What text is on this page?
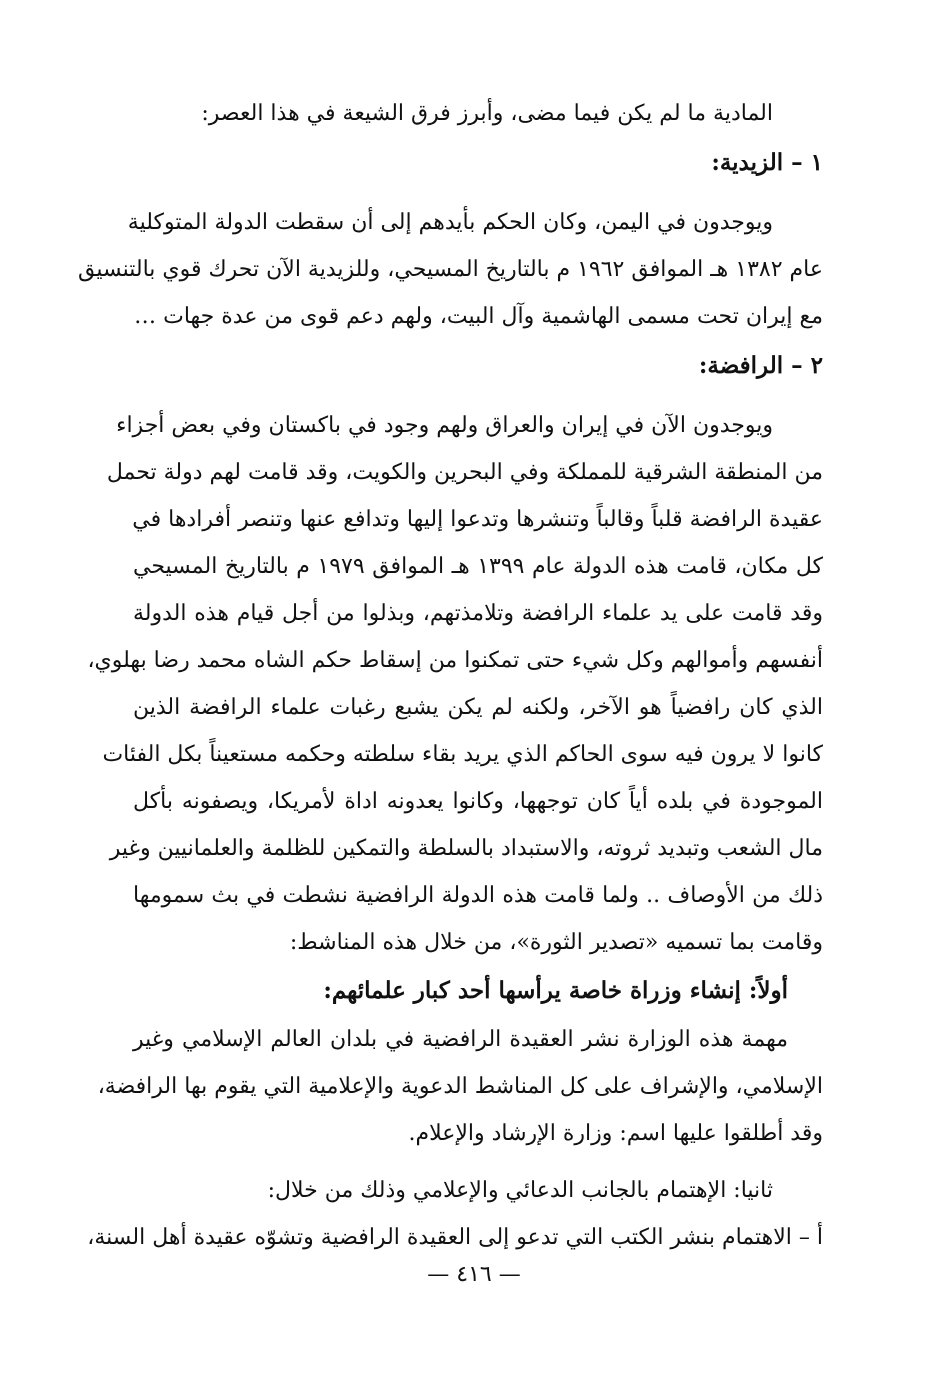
المادية ما لم يكن فيما مضى، وأبرز فرق الشيعة في هذا العصر:
١ – الزيدية:
ويوجدون في اليمن، وكان الحكم بأيدهم إلى أن سقطت الدولة المتوكلية
عام ١٣٨٢ هـ الموافق ١٩٦٢ م بالتاريخ المسيحي، وللزيدية الآن تحرك قوي بالتنسيق
مع إيران تحت مسمى الهاشمية وآل البيت، ولهم دعم قوى من عدة جهات …
٢ – الرافضة:
ويوجدون الآن في إيران والعراق ولهم وجود في باكستان وفي بعض أجزاء
من المنطقة الشرقية للمملكة وفي البحرين والكويت، وقد قامت لهم دولة تحمل
عقيدة الرافضة قلباً وقالباً وتنشرها وتدعوا إليها وتدافع عنها وتنصر أفرادها في
كل مكان، قامت هذه الدولة عام ١٣٩٩ هـ الموافق ١٩٧٩ م بالتاريخ المسيحي
وقد قامت على يد علماء الرافضة وتلامذتهم، وبذلوا من أجل قيام هذه الدولة
أنفسهم وأموالهم وكل شيء حتى تمكنوا من إسقاط حكم الشاه محمد رضا بهلوي،
الذي كان رافضياً هو الآخر، ولكنه لم يكن يشبع رغبات علماء الرافضة الذين
كانوا لا يرون فيه سوى الحاكم الذي يريد بقاء سلطته وحكمه مستعيناً بكل الفئات
الموجودة في بلده أياً كان توجهها، وكانوا يعدونه اداة لأمريكا، ويصفونه بأكل
مال الشعب وتبديد ثروته، والاستبداد بالسلطة والتمكين للظلمة والعلمانيين وغير
ذلك من الأوصاف .. ولما قامت هذه الدولة الرافضية نشطت في بث سمومها
وقامت بما تسميه «تصدير الثورة»، من خلال هذه المناشط:
أولاً: إنشاء وزراة خاصة يرأسها أحد كبار علمائهم:
مهمة هذه الوزارة نشر العقيدة الرافضية في بلدان العالم الإسلامي وغير
الإسلامي، والإشراف على كل المناشط الدعوية والإعلامية التي يقوم بها الرافضة،
وقد أطلقوا عليها اسم: وزارة الإرشاد والإعلام.
ثانيا: الإهتمام بالجانب الدعائي والإعلامي وذلك من خلال:
أ – الاهتمام بنشر الكتب التي تدعو إلى العقيدة الرافضية وتشوّه عقيدة أهل السنة،
— ٤١٦ —
